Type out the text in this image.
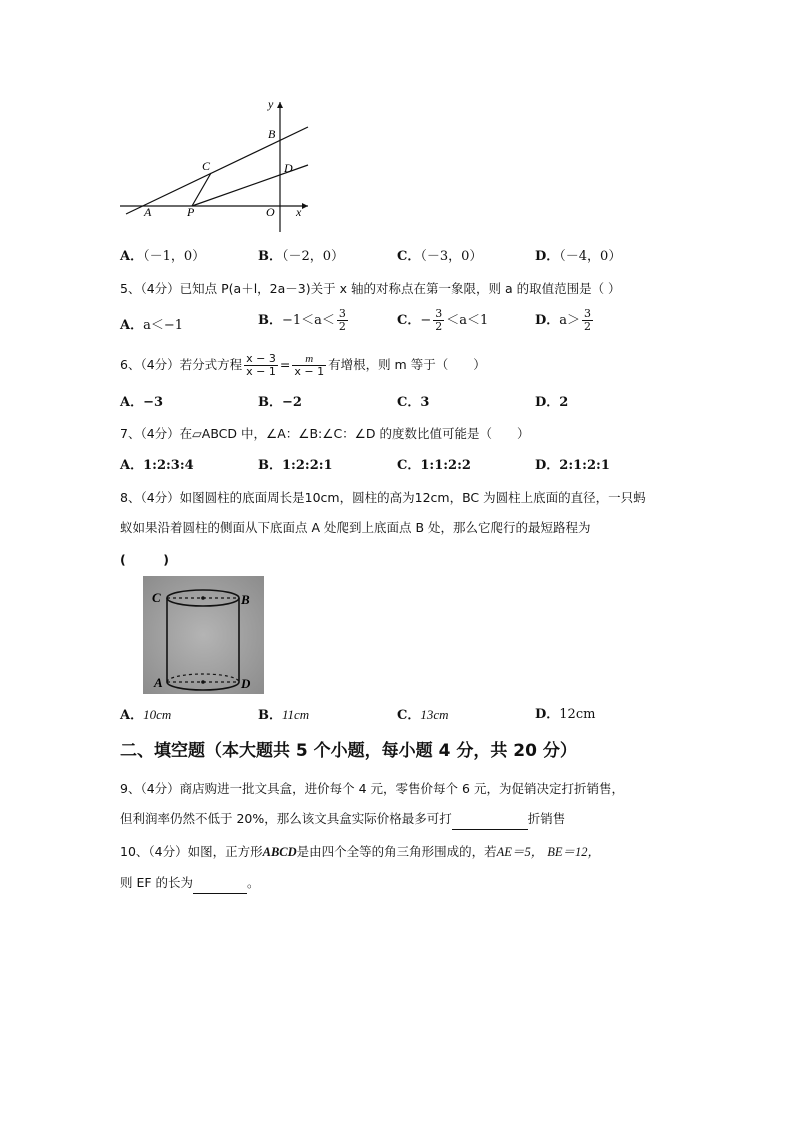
y
B
C	D
A	P	O x
A．（－1，0）	B．（－2，0）	C．（－3，0）	D．（－4，0）
5、（4分）已知点 P(a＋l，2a－3)关于 x 轴的对称点在第一象限，则 a 的取值范围是（ ）
A．a＜−1	B．$-1<a< \frac{3}{2}$	C．− $\frac{3}{2} <a<1$	D．$a> \frac{3}{2}$
6、（4分）若分式方程 $\frac{x - 3}{x - 1} = \frac{m}{x - 1}$ 有增根，则 m 等于（　　）
A．−3	B．−2	C．3	D．2
7、（4分）在▱ABCD 中，∠A：∠B:∠C：∠D 的度数比值可能是（　　）
A．1:2:3:4	B．1:2:2:1	C．1:1:2:2	D．2:1:2:1
8、（4分）如图圆柱的底面周长是10cm，圆柱的高为12cm，BC 为圆柱上底面的直径，一只蚂
蚁如果沿着圆柱的侧面从下底面点 A 处爬到上底面点 B 处，那么它爬行的最短路程为
(　　　)
C	B
A	D
A．10cm	B．11cm	C．13cm	D．12cm
二、填空题（本大题共 5 个小题，每小题 4 分，共 20 分）
9、（4分）商店购进一批文具盒，进价每个 4 元，零售价每个 6 元，为促销决定打折销售，
但利润率仍然不低于 20%，那么该文具盒实际价格最多可打	折销售
10、（4分）如图，正方形ABCD是由四个全等的角三角形围成的，若AE＝5， BE＝12，
则 EF 的长为	。
